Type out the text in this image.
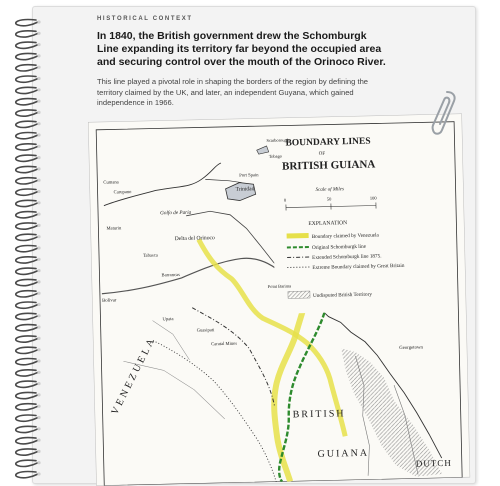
HISTORICAL CONTEXT

In 1840, the British government drew the Schomburgk Line expanding its territory far beyond the occupied area and securing control over the mouth of the Orinoco River.

This line played a pivotal role in shaping the borders of the region by defining the territory claimed by the UK, and later, an independent Guyana, which gained independence in 1966.

BOUNDARY LINES
OF
BRITISH GUIANA
Scale of Miles
0	50	100
EXPLANATION
Boundary claimed by Venezuela
Original Schomburgk line
Extended Schomburgk line 1875.
Extreme Boundary claimed by Great Britain
Undisputed British Territory
Trinidad
Golfo de Paria
Port Spain
Delta del Orinoco
Tabasca
Carupano
Cumana
Maturin
Barrancas
Bolivar
Upata
Guasipati
Caratal Mines
Georgetown
BRITISH
GUIANA
DUTCH
VENEZUELA
Point Barima
Scarborough
Tobago
